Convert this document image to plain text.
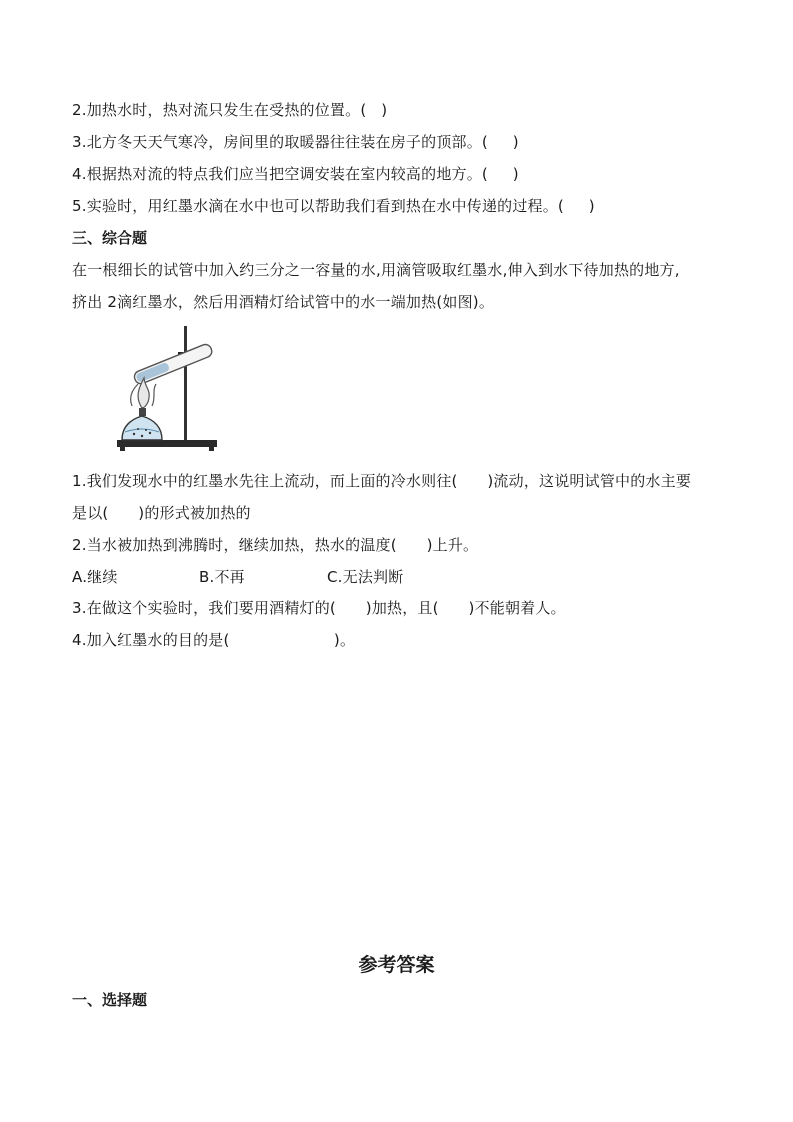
2.加热水时，热对流只发生在受热的位置。(   )
3.北方冬天天气寒冷，房间里的取暖器往往装在房子的顶部。(     )
4.根据热对流的特点我们应当把空调安装在室内较高的地方。(     )
5.实验时，用红墨水滴在水中也可以帮助我们看到热在水中传递的过程。(     )
三、综合题
在一根细长的试管中加入约三分之一容量的水,用滴管吸取红墨水,伸入到水下待加热的地方,
挤出 2滴红墨水，然后用酒精灯给试管中的水一端加热(如图)。
1.我们发现水中的红墨水先往上流动，而上面的冷水则往(      )流动，这说明试管中的水主要
是以(      )的形式被加热的
2.当水被加热到沸腾时，继续加热，热水的温度(      )上升。
A.继续	B.不再	C.无法判断
3.在做这个实验时，我们要用酒精灯的(      )加热，且(      )不能朝着人。
4.加入红墨水的目的是(                     )。
参考答案
一、选择题
